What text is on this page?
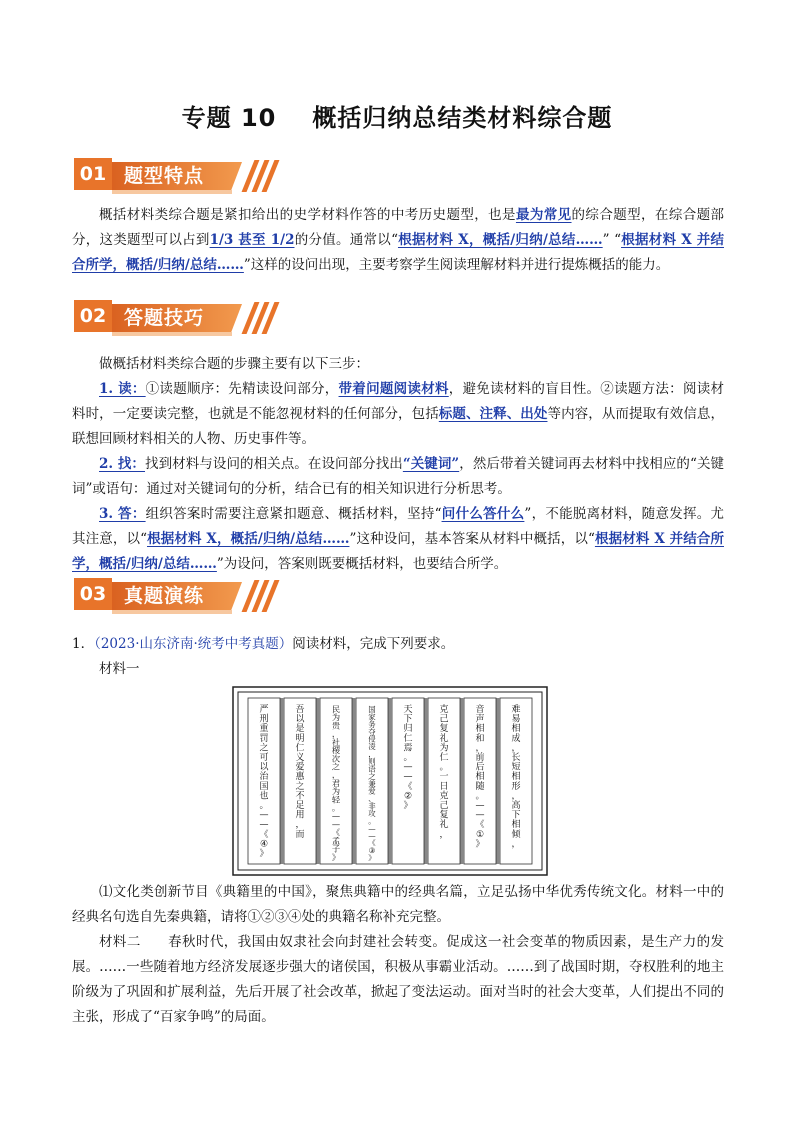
专题 10 概括归纳总结类材料综合题
01 题型特点
概括材料类综合题是紧扣给出的史学材料作答的中考历史题型，也是最为常见的综合题型，在综合题部分，这类题型可以占到1/3 甚至 1/2的分值。通常以“根据材料 X，概括/归纳/总结……” “根据材料 X 并结合所学，概括/归纳/总结……”这样的设问出现，主要考察学生阅读理解材料并进行提炼概括的能力。
02 答题技巧
做概括材料类综合题的步骤主要有以下三步：
1. 读：①读题顺序：先精读设问部分，带着问题阅读材料，避免读材料的盲目性。②读题方法：阅读材料时，一定要读完整，也就是不能忽视材料的任何部分，包括标题、注释、出处等内容，从而提取有效信息，联想回顾材料相关的人物、历史事件等。
2. 找：找到材料与设问的相关点。在设问部分找出“关键词”，然后带着关键词再去材料中找相应的“关键词”或语句：通过对关键词句的分析，结合已有的相关知识进行分析思考。
3. 答：组织答案时需要注意紧扣题意、概括材料，坚持“问什么答什么”，不能脱离材料，随意发挥。尤其注意，以“根据材料 X，概括/归纳/总结……”这种设问，基本答案从材料中概括，以“根据材料 X 并结合所学，概括/归纳/总结……”为设问，答案则既要概括材料，也要结合所学。
03 真题演练
1．（2023·山东济南·统考中考真题）阅读材料，完成下列要求。
材料一
难易相成，长短相形，高下相倾，
音声相和，前后相随。— —《 ① 》
克己复礼为仁。一日克己复礼，
天下归仁焉。— —《 ② 》
国家务夺侵凌，则语之兼爱、非攻。— —《 ③ 》
民为贵，社稷次之，君为轻。— —《孟子》
吾以是明仁义爱惠之不足用，而
严刑重罚之可以治国也。— —《 ④ 》
⑴文化类创新节目《典籍里的中国》，聚焦典籍中的经典名篇，立足弘扬中华优秀传统文化。材料一中的经典名句选自先秦典籍，请将①②③④处的典籍名称补充完整。
材料二 春秋时代，我国由奴隶社会向封建社会转变。促成这一社会变革的物质因素，是生产力的发展。……一些随着地方经济发展逐步强大的诸侯国，积极从事霸业活动。……到了战国时期，夺权胜利的地主阶级为了巩固和扩展利益，先后开展了社会改革，掀起了变法运动。面对当时的社会大变革，人们提出不同的主张，形成了“百家争鸣”的局面。
